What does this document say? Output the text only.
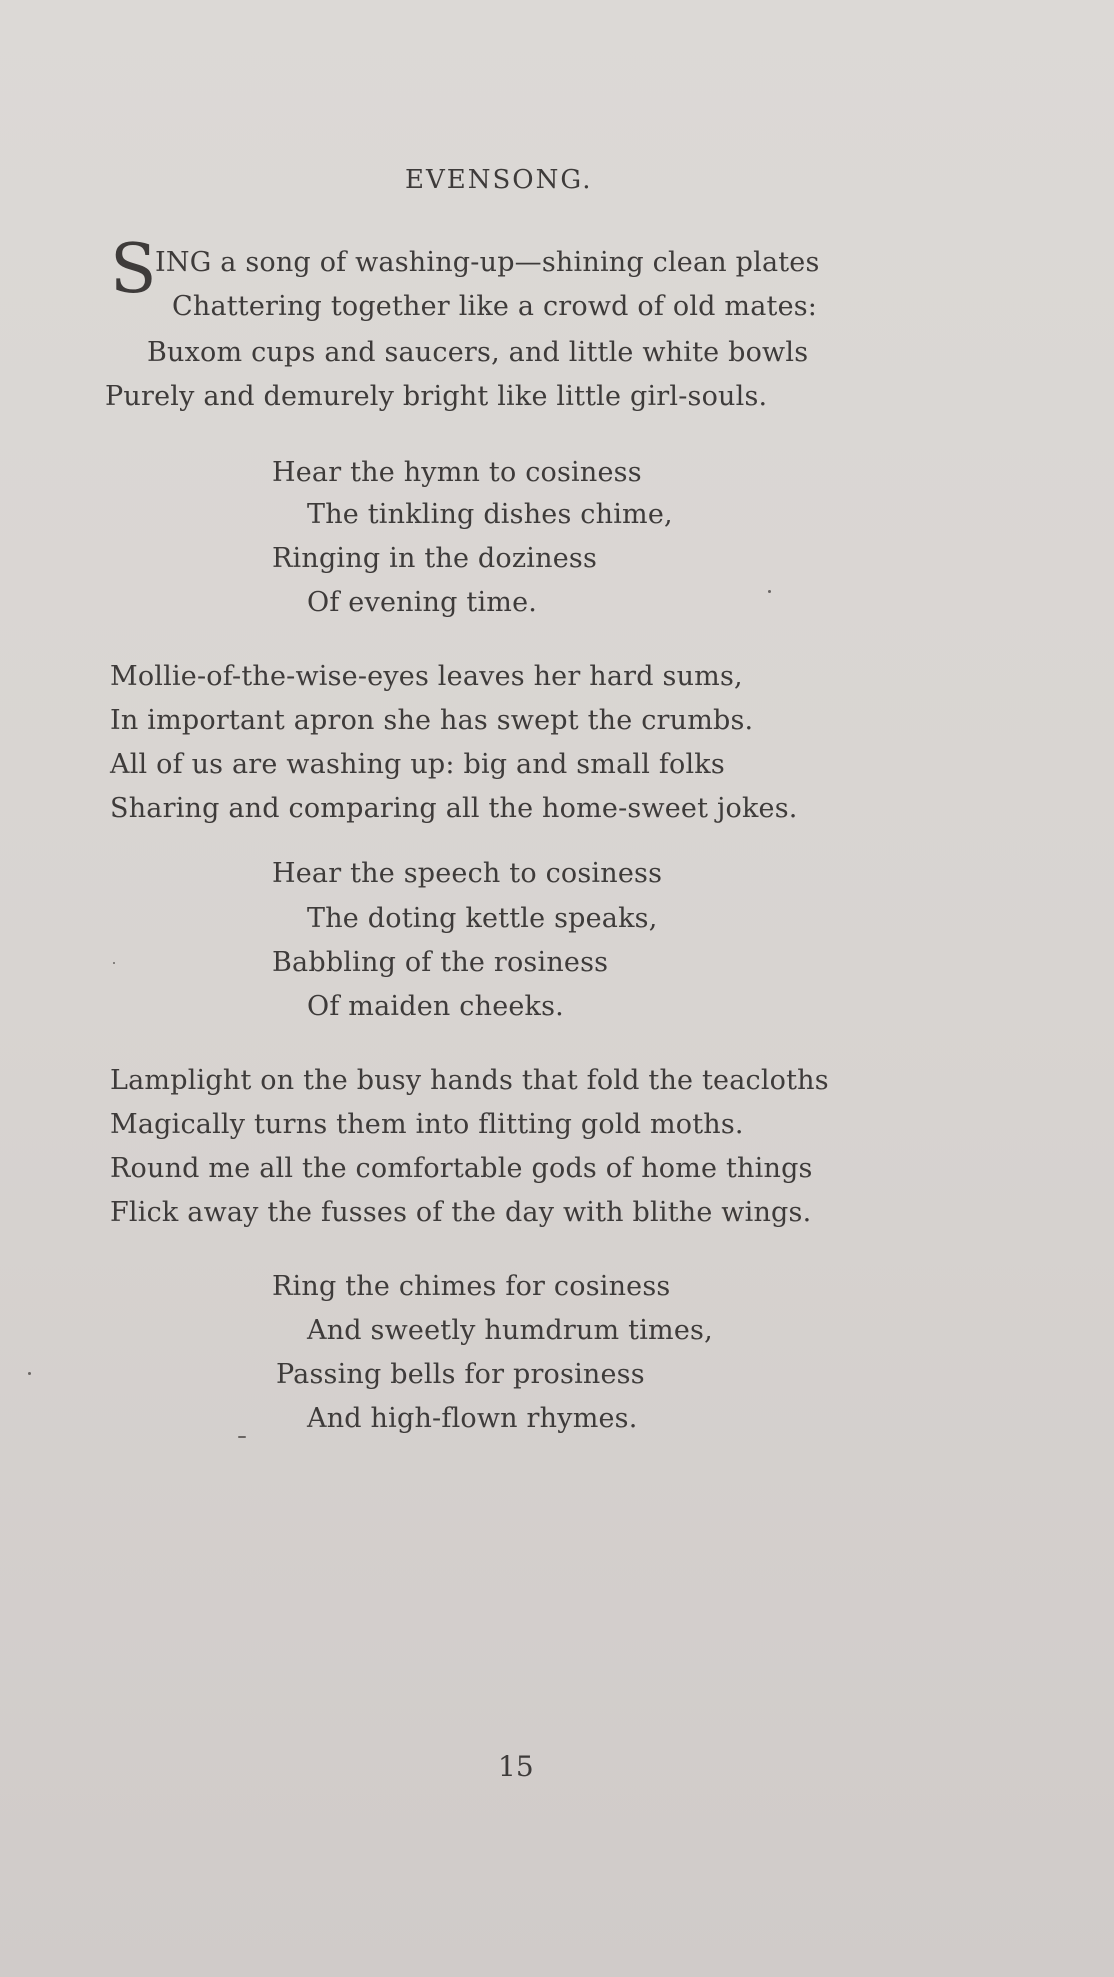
EVENSONG.
S
ING a song of washing-up—shining clean plates
Chattering together like a crowd of old mates:
Buxom cups and saucers, and little white bowls
Purely and demurely bright like little girl-souls.
Hear the hymn to cosiness
The tinkling dishes chime,
Ringing in the doziness
Of evening time.
Mollie-of-the-wise-eyes leaves her hard sums,
In important apron she has swept the crumbs.
All of us are washing up: big and small folks
Sharing and comparing all the home-sweet jokes.
Hear the speech to cosiness
The doting kettle speaks,
Babbling of the rosiness
Of maiden cheeks.
Lamplight on the busy hands that fold the teacloths
Magically turns them into flitting gold moths.
Round me all the comfortable gods of home things
Flick away the fusses of the day with blithe wings.
Ring the chimes for cosiness
And sweetly humdrum times,
Passing bells for prosiness
And high-flown rhymes.
15
